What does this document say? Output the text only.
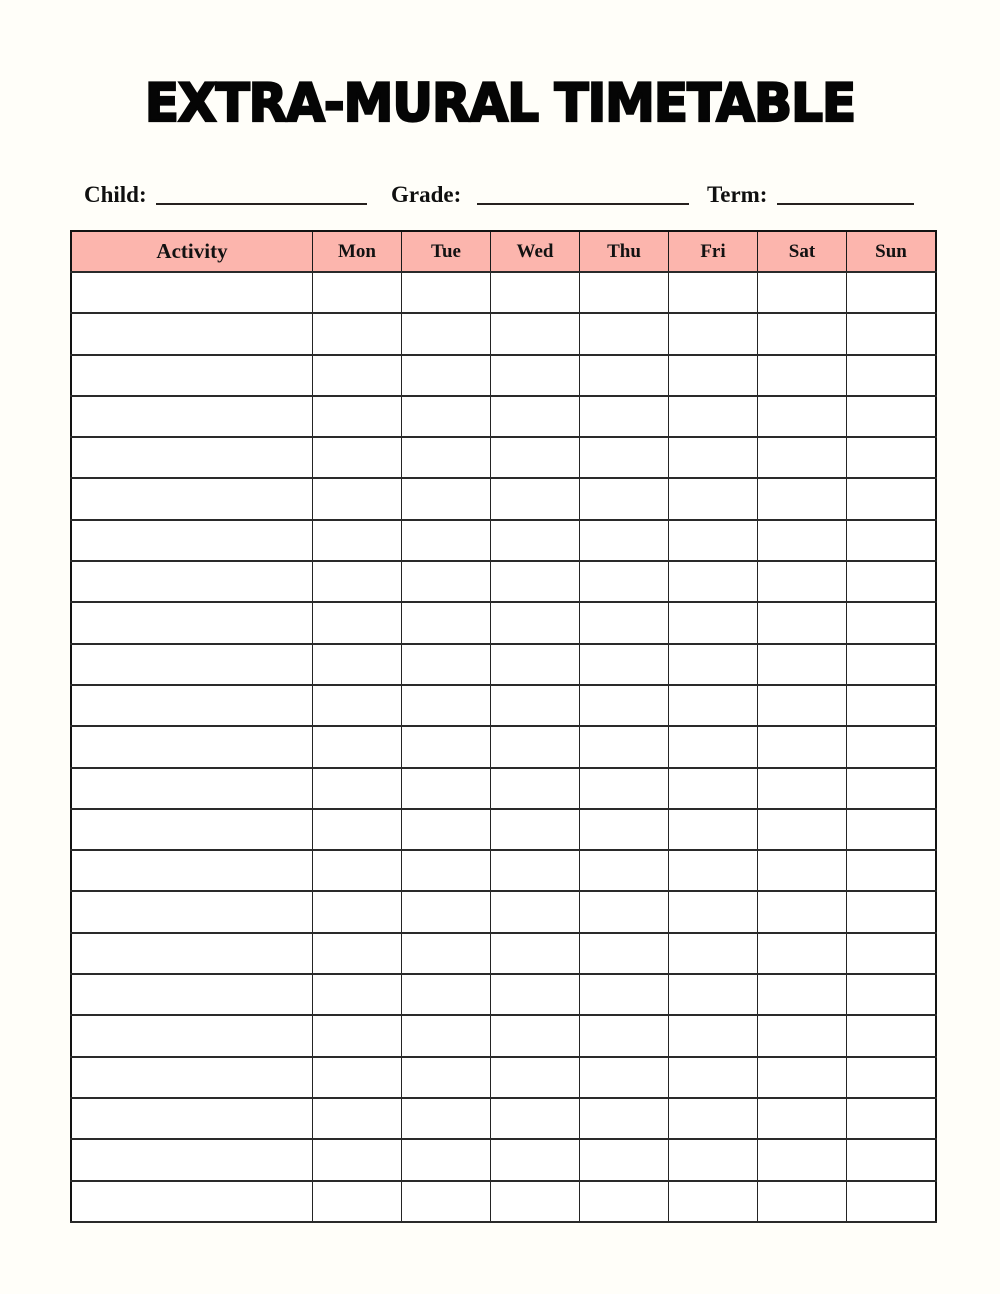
EXTRA-MURAL TIMETABLE
Child:	Grade:	Term:
Activity	Mon	Tue	Wed	Thu	Fri	Sat	Sun
